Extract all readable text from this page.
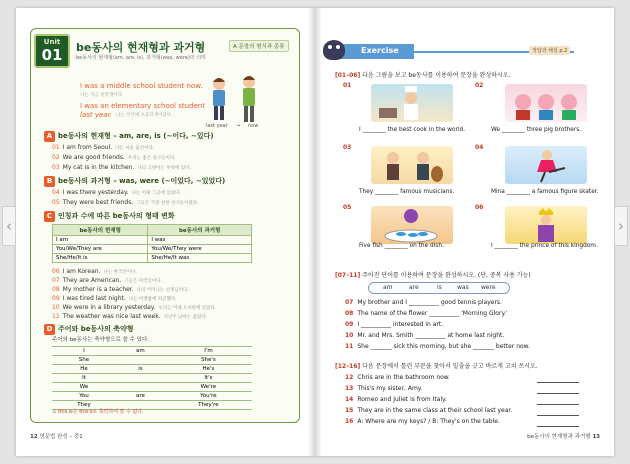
Unit
01	be동사의 현재형과 과거형
be동사의 현재형(am, are, is), 과거형(was, were)의 의미
A 문장의 형식과 종류
I was a middle school student now.
나는 지금 중학생이다.
I was an elementary school student
last year. 나는 작년에 초등학생이었다.
last year → now
A be동사의 현재형 – am, are, is (~이다, ~있다)
01 I am from Seoul. 나는 서울 출신이다.
02 We are good friends. 우리는 좋은 친구들이다.
03 My cat is in the kitchen. 나의 고양이는 부엌에 있다.
B be동사의 과거형 – was, were (~이었다, ~있었다)
04 I was there yesterday. 나는 어제 그곳에 있었다.
05 They were best friends. 그들은 가장 친한 친구들이었다.
C 인칭과 수에 따른 be동사의 형태 변화
be동사의 현재형	be동사의 과거형
I am	I was
You/We/They are	You/We/They were
She/He/It is	She/He/It was
06 I am Korean. 나는 한국인이다.
07 They are American. 그들은 미국인이다.
08 My mother is a teacher. 나의 어머니는 선생님이다.
09 I was tired last night. 나는 어젯밤에 피곤했다.
10 We were in a library yesterday. 우리는 어제 도서관에 있었다.
11 The weather was nice last week. 지난주 날씨는 좋았다.
D 주어와 be동사의 축약형
주어와 be동사는 축약형으로 쓸 수 있다.
I	am	I'm
She		She's
He	is	He's
It		It's
We		We're
You	are	You're
They		They're
⚠ this is는 this's로 축약하여 쓸 수 없다.
12 영문법 완성 – 중1
Exercise	정답과 해설 p.2
[01–06] 다음 그림을 보고 be동사를 이용하여 문장을 완성하시오.
01
I ________ the best cook in the world.
02
We ________ three pig brothers.
03
They ________ famous musicians.
04
Mina ________ a famous figure skater.
05
Five fish ________ on the dish.
06
I ________ the prince of this kingdom.
[07–11] 주어진 단어를 이용하여 문장을 완성하시오. (단, 중복 사용 가능)
am	are	is	was were
07 My brother and I __________ good tennis players.
08 The name of the flower __________ 'Morning Glory.'
09 I __________ interested in art.
10 Mr. and Mrs. Smith __________ at home last night.
11 She _______ sick this morning, but she _______ better now.
[12–16] 다음 문장에서 틀린 부분을 찾아서 밑줄을 긋고 바르게 고쳐 쓰시오.
12 Chris are in the bathroom now.
13 This's my sister, Amy.
14 Romeo and Juliet is from Italy.
15 They are in the same class at their school last year.
16 A: Where are my keys? / B: They's on the table.
be동사의 현재형과 과거형 13
‹	›
